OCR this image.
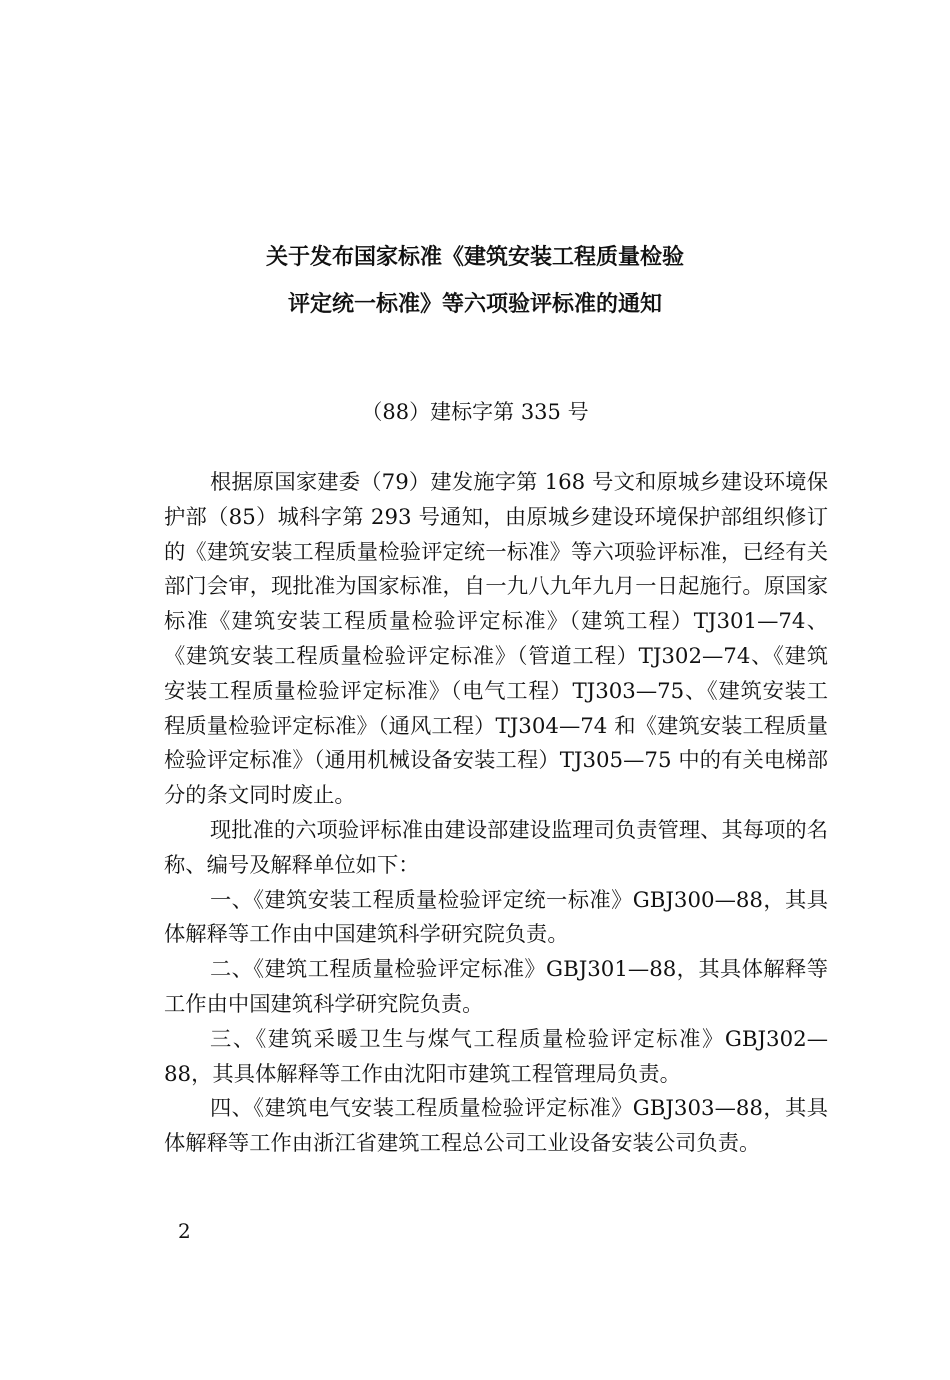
关于发布国家标准《建筑安装工程质量检验
评定统一标准》等六项验评标准的通知
（88）建标字第 335 号

根据原国家建委（79）建发施字第 168 号文和原城乡建设环境保护部（85）城科字第 293 号通知，由原城乡建设环境保护部组织修订的《建筑安装工程质量检验评定统一标准》等六项验评标准，已经有关部门会审，现批准为国家标准，自一九八九年九月一日起施行。原国家标准《建筑安装工程质量检验评定标准》（建筑工程）TJ301—74、《建筑安装工程质量检验评定标准》（管道工程）TJ302—74、《建筑安装工程质量检验评定标准》（电气工程）TJ303—75、《建筑安装工程质量检验评定标准》（通风工程）TJ304—74 和《建筑安装工程质量检验评定标准》（通用机械设备安装工程）TJ305—75 中的有关电梯部分的条文同时废止。

现批准的六项验评标准由建设部建设监理司负责管理、其每项的名称、编号及解释单位如下：

一、《建筑安装工程质量检验评定统一标准》GBJ300—88，其具体解释等工作由中国建筑科学研究院负责。

二、《建筑工程质量检验评定标准》GBJ301—88，其具体解释等工作由中国建筑科学研究院负责。

三、《建筑采暖卫生与煤气工程质量检验评定标准》GBJ302—88，其具体解释等工作由沈阳市建筑工程管理局负责。

四、《建筑电气安装工程质量检验评定标准》GBJ303—88，其具体解释等工作由浙江省建筑工程总公司工业设备安装公司负责。

2
